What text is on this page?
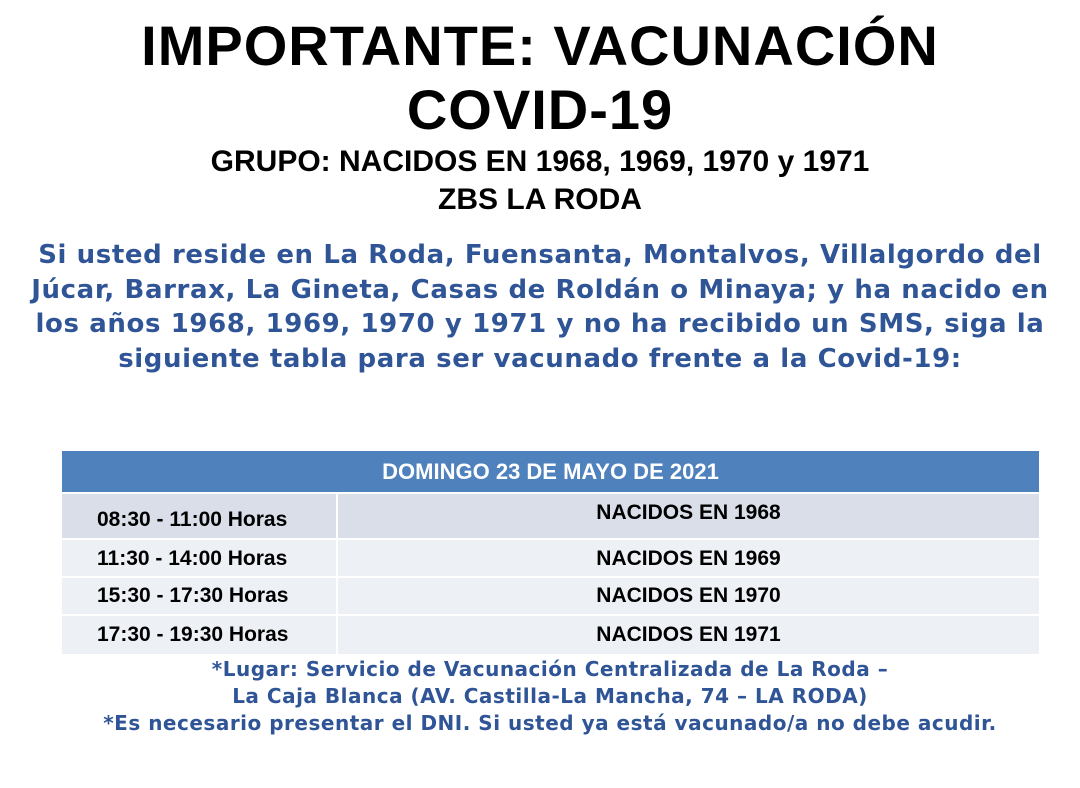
IMPORTANTE: VACUNACIÓN
COVID-19
GRUPO: NACIDOS EN 1968, 1969, 1970 y 1971
ZBS LA RODA
Si usted reside en La Roda, Fuensanta, Montalvos, Villalgordo del Júcar, Barrax, La Gineta, Casas de Roldán o Minaya; y ha nacido en los años 1968, 1969, 1970 y 1971 y no ha recibido un SMS, siga la siguiente tabla para ser vacunado frente a la Covid-19:
DOMINGO 23 DE MAYO DE 2021
08:30 - 11:00 Horas	NACIDOS EN 1968
11:30 - 14:00 Horas	NACIDOS EN 1969
15:30 - 17:30 Horas	NACIDOS EN 1970
17:30 - 19:30 Horas	NACIDOS EN 1971

*Lugar: Servicio de Vacunación Centralizada de La Roda –

La Caja Blanca (AV. Castilla-La Mancha, 74 – LA RODA)

*Es necesario presentar el DNI. Si usted ya está vacunado/a no debe acudir.
